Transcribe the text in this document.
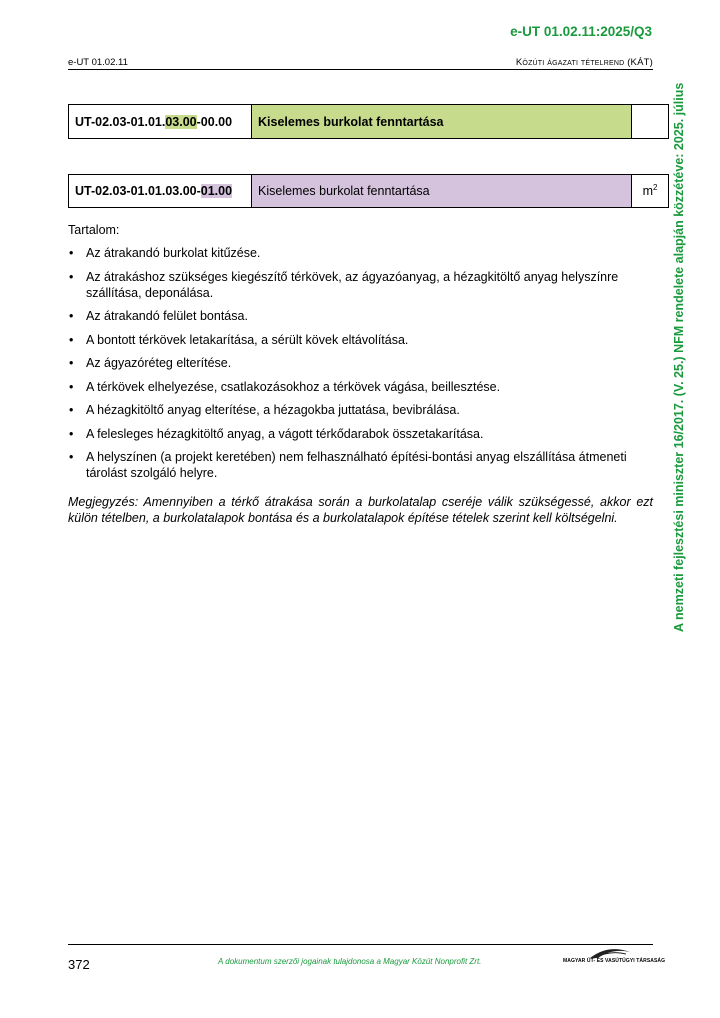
e-UT 01.02.11:2025/Q3
e-UT 01.02.11	Közúti ágazati tételrend (KÁT)
A nemzeti fejlesztési miniszter 16/2017. (V. 25.) NFM rendelete alapján közzétéve: 2025. július
UT-02.03-01.01.03.00-00.00	Kiselemes burkolat fenntartása	
UT-02.03-01.01.03.00-01.00	Kiselemes burkolat fenntartása	$m^2$

Tartalom:

• Az átrakandó burkolat kitűzése.
• Az átrakáshoz szükséges kiegészítő térkövek, az ágyazóanyag, a hézagkitöltő anyag helyszínre szállítása, deponálása.
• Az átrakandó felület bontása.
• A bontott térkövek letakarítása, a sérült kövek eltávolítása.
• Az ágyazóréteg elterítése.
• A térkövek elhelyezése, csatlakozásokhoz a térkövek vágása, beillesztése.
• A hézagkitöltő anyag elterítése, a hézagokba juttatása, bevibrálása.
• A felesleges hézagkitöltő anyag, a vágott térkődarabok összetakarítása.
• A helyszínen (a projekt keretében) nem felhasználható építési-bontási anyag elszállítása átmeneti tárolást szolgáló helyre.

Megjegyzés: Amennyiben a térkő átrakása során a burkolatalap cseréje válik szükségessé, akkor ezt külön tételben, a burkolatalapok bontása és a burkolatalapok építése tételek szerint kell költségelni.

372	A dokumentum szerzői jogainak tulajdonosa a Magyar Közút Nonprofit Zrt.	MAGYAR ÚT- ÉS VASÚTÜGYI TÁRSASÁG
